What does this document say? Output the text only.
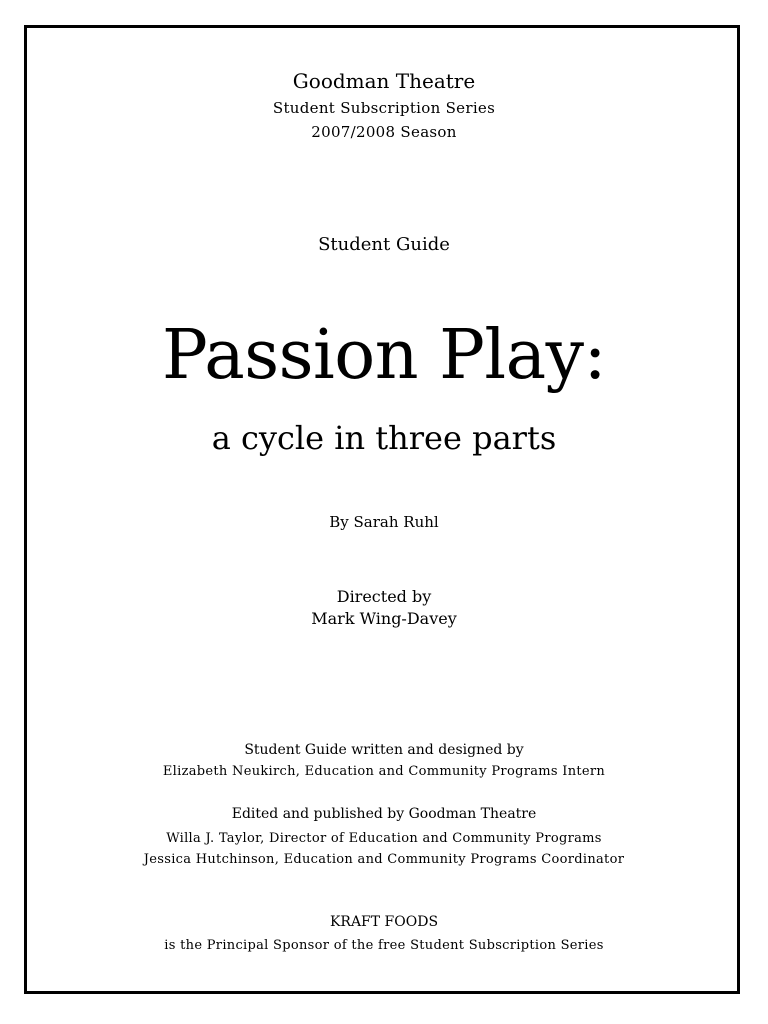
Goodman Theatre
Student Subscription Series
2007/2008 Season
Student Guide
Passion Play:
a cycle in three parts
By Sarah Ruhl
Directed by
Mark Wing-Davey
Student Guide written and designed by
Elizabeth Neukirch, Education and Community Programs Intern
Edited and published by Goodman Theatre
Willa J. Taylor, Director of Education and Community Programs
Jessica Hutchinson, Education and Community Programs Coordinator
KRAFT FOODS
is the Principal Sponsor of the free Student Subscription Series
